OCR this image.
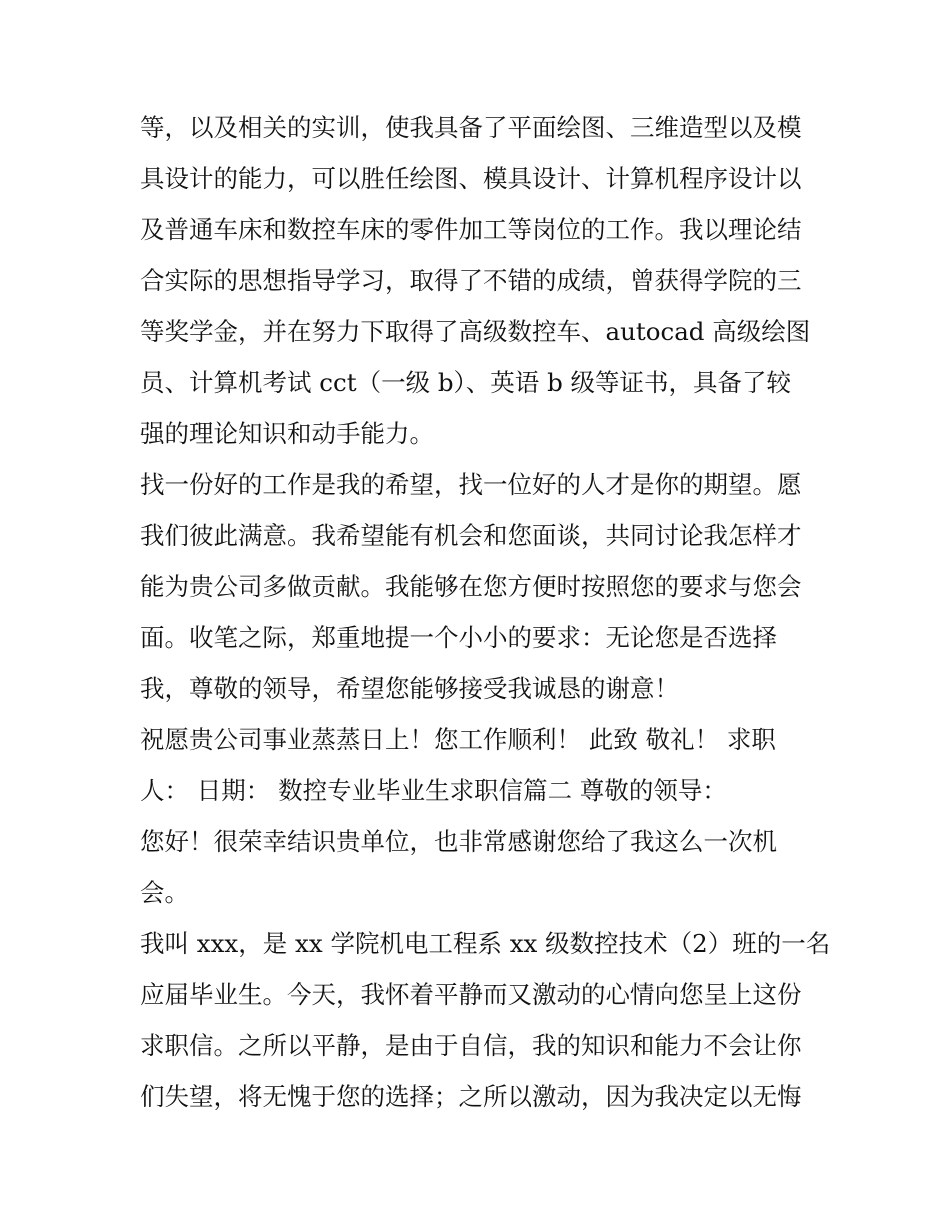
等，以及相关的实训，使我具备了平面绘图、三维造型以及模
具设计的能力，可以胜任绘图、模具设计、计算机程序设计以
及普通车床和数控车床的零件加工等岗位的工作。我以理论结
合实际的思想指导学习，取得了不错的成绩，曾获得学院的三
等奖学金，并在努力下取得了高级数控车、autocad 高级绘图
员、计算机考试 cct（一级 b）、英语 b 级等证书，具备了较
强的理论知识和动手能力。
找一份好的工作是我的希望，找一位好的人才是你的期望。愿
我们彼此满意。我希望能有机会和您面谈，共同讨论我怎样才
能为贵公司多做贡献。我能够在您方便时按照您的要求与您会
面。收笔之际，郑重地提一个小小的要求：无论您是否选择
我，尊敬的领导，希望您能够接受我诚恳的谢意！
祝愿贵公司事业蒸蒸日上！您工作顺利！ 此致 敬礼！ 求职
人： 日期： 数控专业毕业生求职信篇二 尊敬的领导：
您好！很荣幸结识贵单位，也非常感谢您给了我这么一次机
会。
我叫 xxx，是 xx 学院机电工程系 xx 级数控技术（2）班的一名
应届毕业生。今天，我怀着平静而又激动的心情向您呈上这份
求职信。之所以平静，是由于自信，我的知识和能力不会让你
们失望，将无愧于您的选择；之所以激动，因为我决定以无悔
